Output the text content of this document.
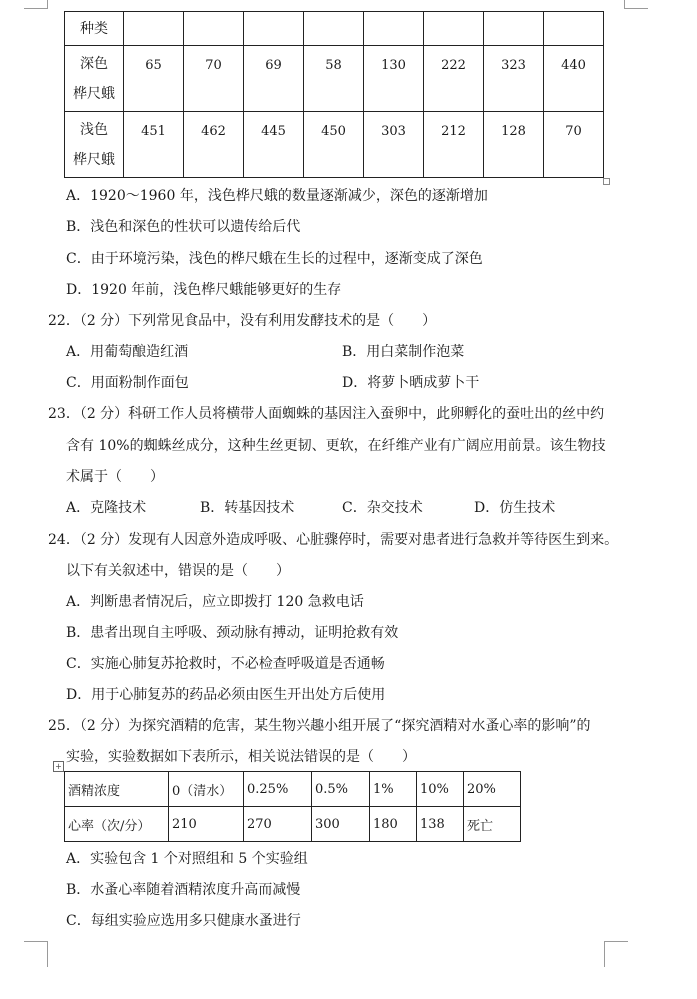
种类								

深色
桦尺蛾	65	70	69	58	130	222	323	440

浅色
桦尺蛾	451	462	445	450	303	212	128	70
A．1920～1960 年，浅色桦尺蛾的数量逐渐减少，深色的逐渐增加
B．浅色和深色的性状可以遗传给后代
C．由于环境污染，浅色的桦尺蛾在生长的过程中，逐渐变成了深色
D．1920 年前，浅色桦尺蛾能够更好的生存
22．（2 分）下列常见食品中，没有利用发酵技术的是（　　）
A．用葡萄酿造红酒	B．用白菜制作泡菜
C．用面粉制作面包	D．将萝卜晒成萝卜干
23．（2 分）科研工作人员将横带人面蜘蛛的基因注入蚕卵中，此卵孵化的蚕吐出的丝中约
含有 10%的蜘蛛丝成分，这种生丝更韧、更软，在纤维产业有广阔应用前景。该生物技
术属于（　　）
A．克隆技术	B．转基因技术	C．杂交技术	D．仿生技术
24．（2 分）发现有人因意外造成呼吸、心脏骤停时，需要对患者进行急救并等待医生到来。
以下有关叙述中，错误的是（　　）
A．判断患者情况后，应立即拨打 120 急救电话
B．患者出现自主呼吸、颈动脉有搏动，证明抢救有效
C．实施心肺复苏抢救时，不必检查呼吸道是否通畅
D．用于心肺复苏的药品必须由医生开出处方后使用
25．（2 分）为探究酒精的危害，某生物兴趣小组开展了“探究酒精对水蚤心率的影响”的
实验，实验数据如下表所示，相关说法错误的是（　　）
+
酒精浓度	0（清水）	0.25%	0.5%	1%	10%	20%
心率（次/分）	210	270	300	180	138	死亡
A．实验包含 1 个对照组和 5 个实验组
B．水蚤心率随着酒精浓度升高而减慢
C．每组实验应选用多只健康水蚤进行
